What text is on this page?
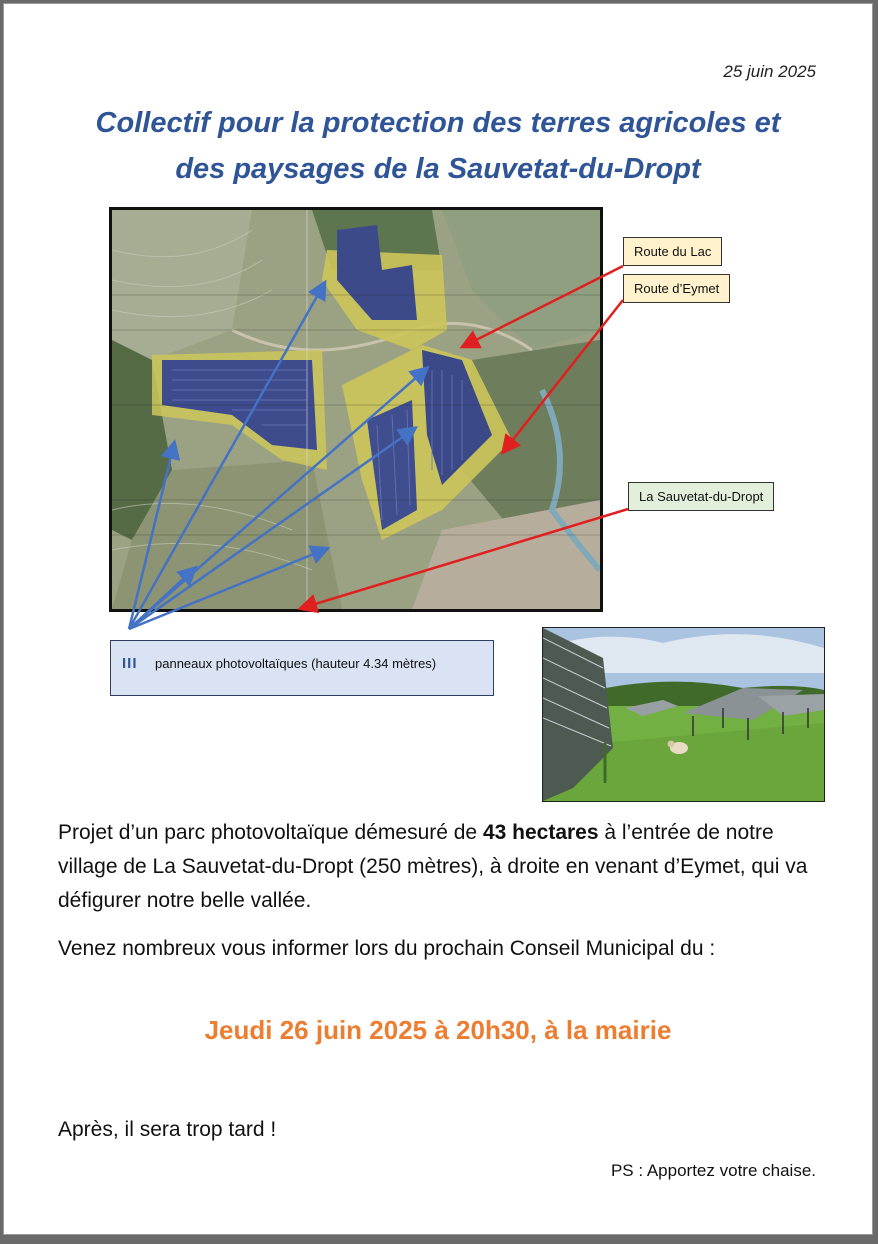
25 juin 2025
Collectif pour la protection des terres agricoles et
des paysages de la Sauvetat-du-Dropt
Route du Lac
Route d’Eymet
La Sauvetat-du-Dropt
III panneaux photovoltaïques (hauteur 4.34 mètres)
Projet d’un parc photovoltaïque démesuré de 43 hectares à l’entrée de notre village de La Sauvetat-du-Dropt (250 mètres), à droite en venant d’Eymet, qui va défigurer notre belle vallée.
Venez nombreux vous informer lors du prochain Conseil Municipal du :
Jeudi 26 juin 2025 à 20h30, à la mairie
Après, il sera trop tard !
PS : Apportez votre chaise.
